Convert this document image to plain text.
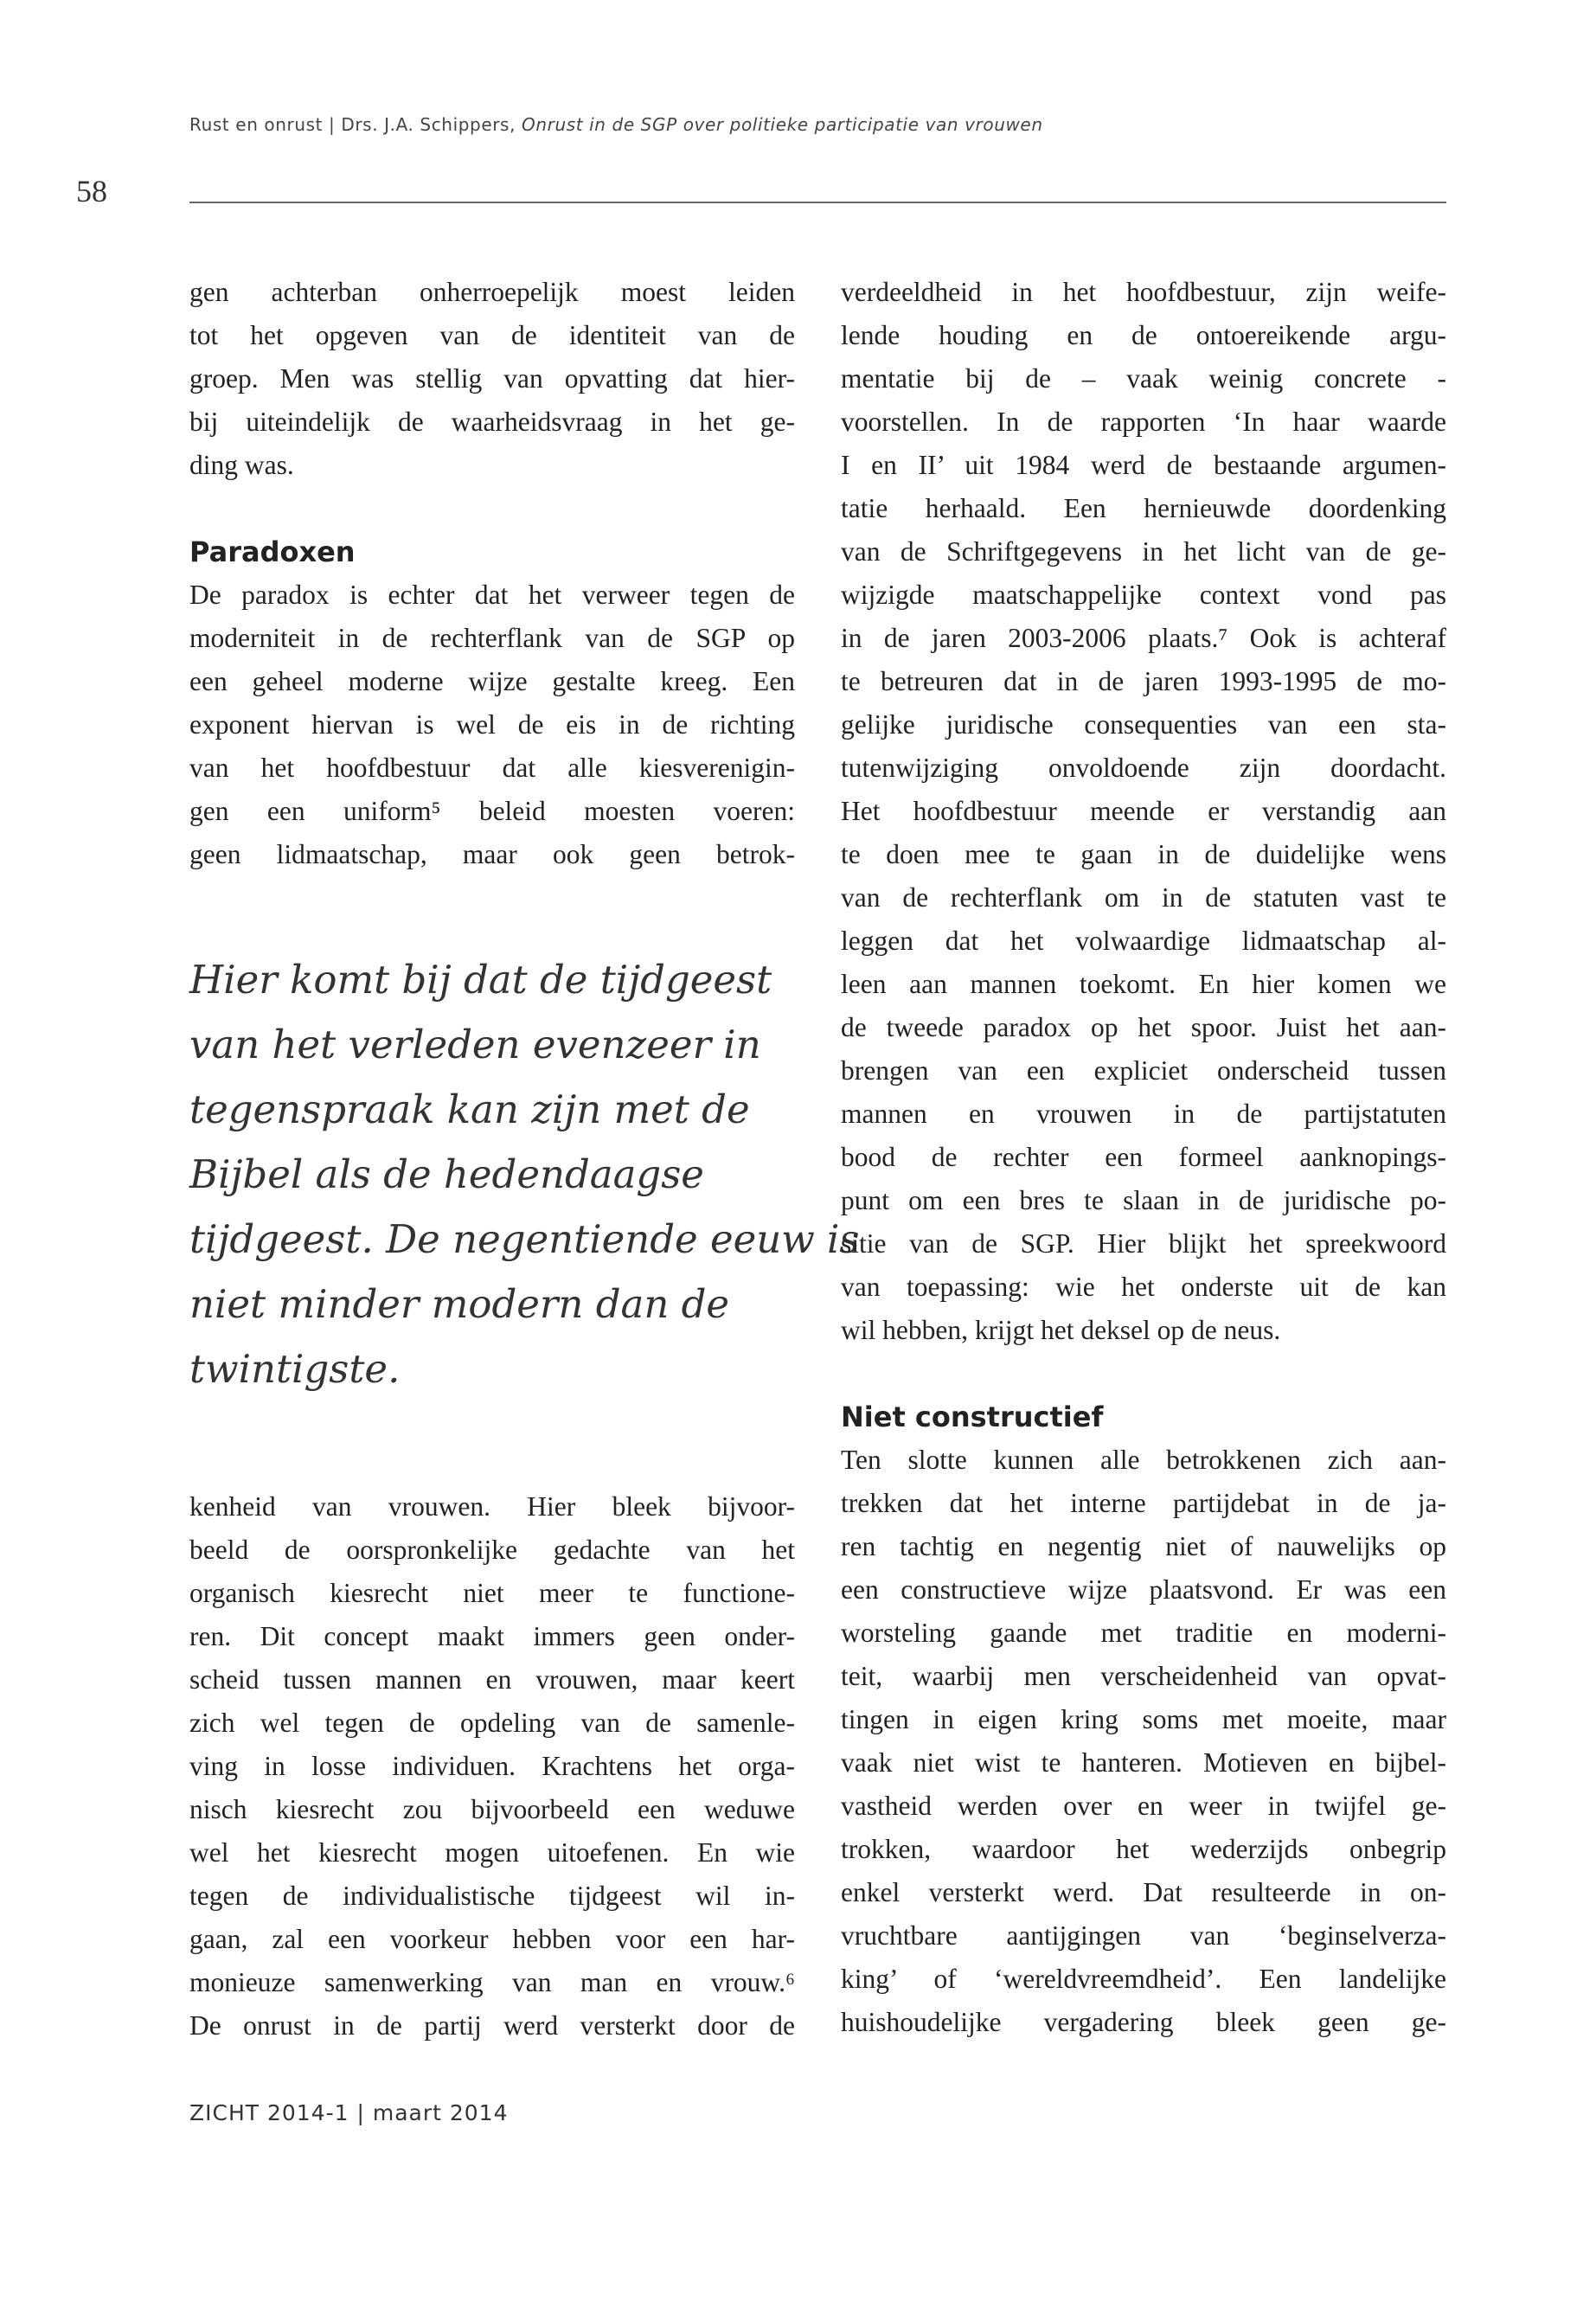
Rust en onrust | Drs. J.A. Schippers, Onrust in de SGP over politieke participatie van vrouwen
58
gen achterban onherroepelijk moest leiden
tot het opgeven van de identiteit van de
groep. Men was stellig van opvatting dat hier-
bij uiteindelijk de waarheidsvraag in het ge-
ding was.
Paradoxen
De paradox is echter dat het verweer tegen de
moderniteit in de rechterflank van de SGP op
een geheel moderne wijze gestalte kreeg. Een
exponent hiervan is wel de eis in de richting
van het hoofdbestuur dat alle kiesverenigin-
gen een uniform⁵ beleid moesten voeren:
geen lidmaatschap, maar ook geen betrok-
Hier komt bij dat de tijdgeest
van het verleden evenzeer in
tegenspraak kan zijn met de
Bijbel als de hedendaagse
tijdgeest. De negentiende eeuw is
niet minder modern dan de
twintigste.
kenheid van vrouwen. Hier bleek bijvoor-
beeld de oorspronkelijke gedachte van het
organisch kiesrecht niet meer te functione-
ren. Dit concept maakt immers geen onder-
scheid tussen mannen en vrouwen, maar keert
zich wel tegen de opdeling van de samenle-
ving in losse individuen. Krachtens het orga-
nisch kiesrecht zou bijvoorbeeld een weduwe
wel het kiesrecht mogen uitoefenen. En wie
tegen de individualistische tijdgeest wil in-
gaan, zal een voorkeur hebben voor een har-
monieuze samenwerking van man en vrouw.⁶
De onrust in de partij werd versterkt door de
verdeeldheid in het hoofdbestuur, zijn weife-
lende houding en de ontoereikende argu-
mentatie bij de – vaak weinig concrete -
voorstellen. In de rapporten ‘In haar waarde
I en II’ uit 1984 werd de bestaande argumen-
tatie herhaald. Een hernieuwde doordenking
van de Schriftgegevens in het licht van de ge-
wijzigde maatschappelijke context vond pas
in de jaren 2003-2006 plaats.⁷ Ook is achteraf
te betreuren dat in de jaren 1993-1995 de mo-
gelijke juridische consequenties van een sta-
tutenwijziging onvoldoende zijn doordacht.
Het hoofdbestuur meende er verstandig aan
te doen mee te gaan in de duidelijke wens
van de rechterflank om in de statuten vast te
leggen dat het volwaardige lidmaatschap al-
leen aan mannen toekomt. En hier komen we
de tweede paradox op het spoor. Juist het aan-
brengen van een expliciet onderscheid tussen
mannen en vrouwen in de partijstatuten
bood de rechter een formeel aanknopings-
punt om een bres te slaan in de juridische po-
sitie van de SGP. Hier blijkt het spreekwoord
van toepassing: wie het onderste uit de kan
wil hebben, krijgt het deksel op de neus.
Niet constructief
Ten slotte kunnen alle betrokkenen zich aan-
trekken dat het interne partijdebat in de ja-
ren tachtig en negentig niet of nauwelijks op
een constructieve wijze plaatsvond. Er was een
worsteling gaande met traditie en moderni-
teit, waarbij men verscheidenheid van opvat-
tingen in eigen kring soms met moeite, maar
vaak niet wist te hanteren. Motieven en bijbel-
vastheid werden over en weer in twijfel ge-
trokken, waardoor het wederzijds onbegrip
enkel versterkt werd. Dat resulteerde in on-
vruchtbare aantijgingen van ‘beginselverza-
king’ of ‘wereldvreemdheid’. Een landelijke
huishoudelijke vergadering bleek geen ge-
ZICHT 2014-1 | maart 2014
